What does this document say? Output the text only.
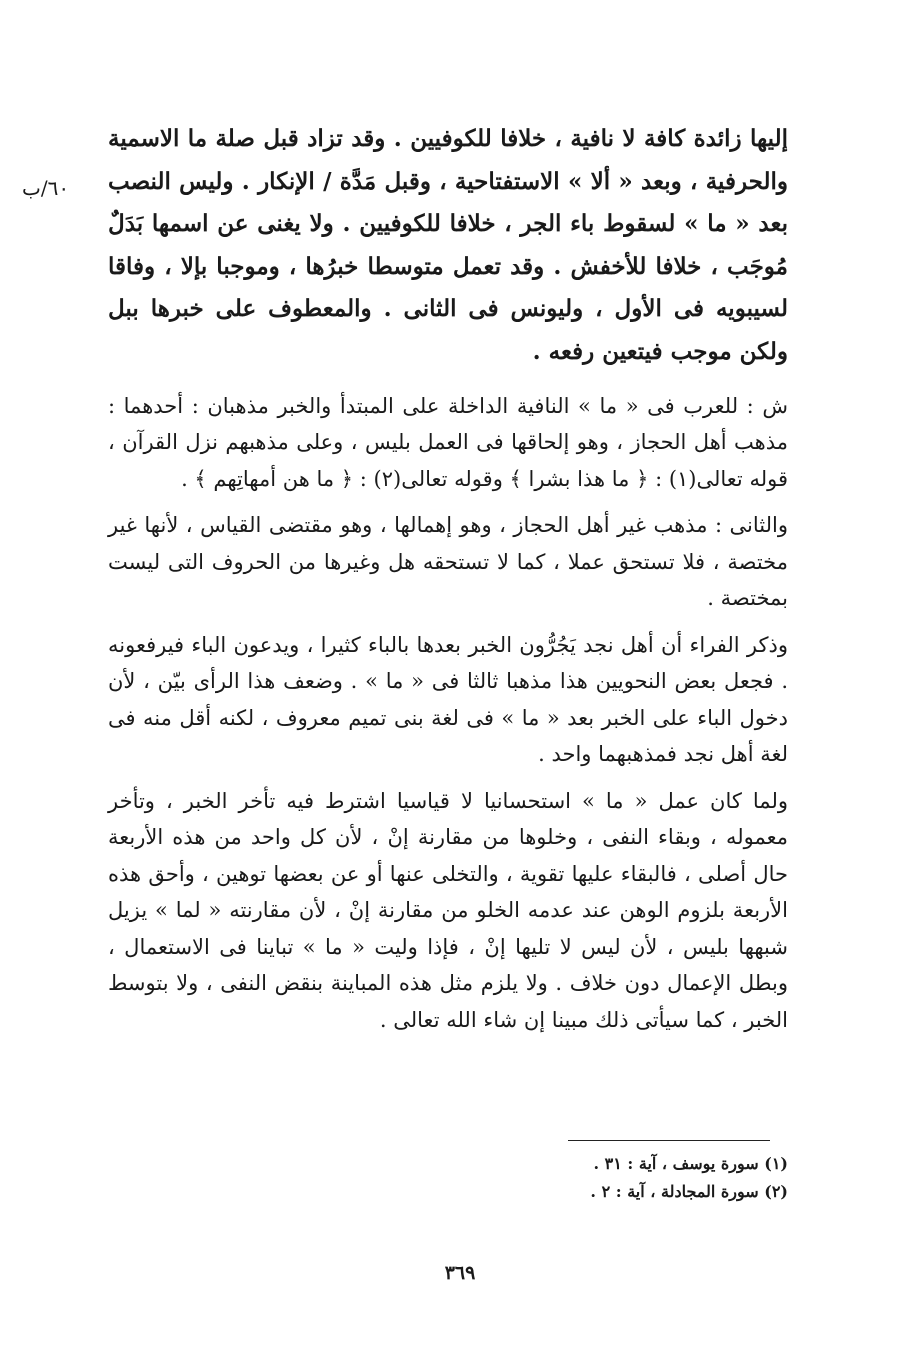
٦٠/ب

إليها زائدة كافة لا نافية ، خلافا للكوفيين . وقد تزاد قبل صلة ما الاسمية والحرفية ، وبعد « ألا » الاستفتاحية ، وقبل مَدَّة / الإنكار . وليس النصب بعد « ما » لسقوط باء الجر ، خلافا للكوفيين . ولا يغنى عن اسمها بَدَلٌ مُوجَب ، خلافا للأخفش . وقد تعمل متوسطا خبرُها ، وموجبا بإلا ، وفاقا لسيبويه فى الأول ، وليونس فى الثانى . والمعطوف على خبرها ببل ولكن موجب فيتعين رفعه .

ش : للعرب فى « ما » النافية الداخلة على المبتدأ والخبر مذهبان : أحدهما : مذهب أهل الحجاز ، وهو إلحاقها فى العمل بليس ، وعلى مذهبهم نزل القرآن ، قوله تعالى(١) : ﴿ ما هذا بشرا ﴾ وقوله تعالى(٢) : ﴿ ما هن أمهاتِهم ﴾ .

والثانى : مذهب غير أهل الحجاز ، وهو إهمالها ، وهو مقتضى القياس ، لأنها غير مختصة ، فلا تستحق عملا ، كما لا تستحقه هل وغيرها من الحروف التى ليست بمختصة .

وذكر الفراء أن أهل نجد يَجُرُّون الخبر بعدها بالباء كثيرا ، ويدعون الباء فيرفعونه . فجعل بعض النحويين هذا مذهبا ثالثا فى « ما » . وضعف هذا الرأى بيّن ، لأن دخول الباء على الخبر بعد « ما » فى لغة بنى تميم معروف ، لكنه أقل منه فى لغة أهل نجد فمذهبهما واحد .

ولما كان عمل « ما » استحسانيا لا قياسيا اشترط فيه تأخر الخبر ، وتأخر معموله ، وبقاء النفى ، وخلوها من مقارنة إنْ ، لأن كل واحد من هذه الأربعة حال أصلى ، فالبقاء عليها تقوية ، والتخلى عنها أو عن بعضها توهين ، وأحق هذه الأربعة بلزوم الوهن عند عدمه الخلو من مقارنة إنْ ، لأن مقارنته « لما » يزيل شبهها بليس ، لأن ليس لا تليها إنْ ، فإذا وليت « ما » تباينا فى الاستعمال ، وبطل الإعمال دون خلاف . ولا يلزم مثل هذه المباينة بنقض النفى ، ولا بتوسط الخبر ، كما سيأتى ذلك مبينا إن شاء الله تعالى .

(١) سورة يوسف ، آية : ٣١ .

(٢) سورة المجادلة ، آية : ٢ .

٣٦٩
